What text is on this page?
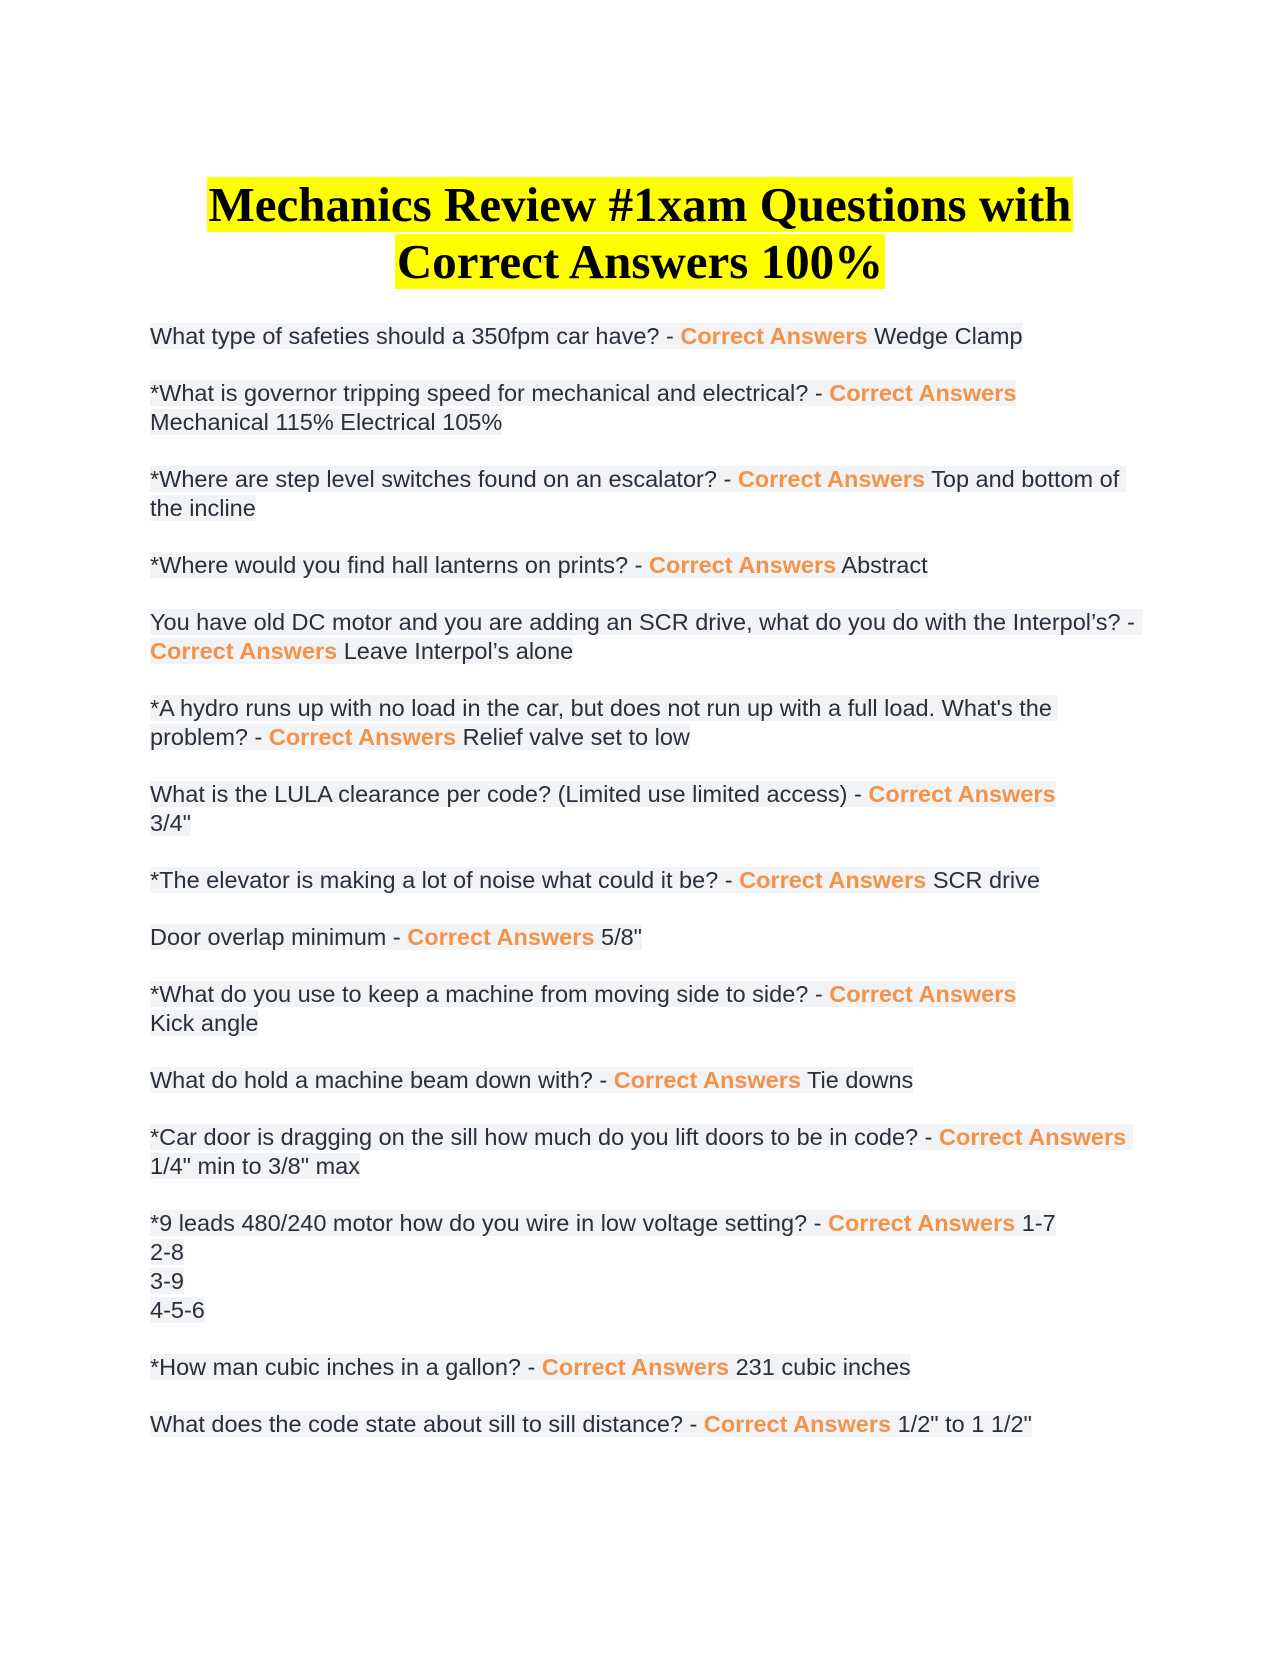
Mechanics Review #1xam Questions with
Correct Answers 100%

What type of safeties should a 350fpm car have? - Correct Answers Wedge Clamp

*What is governor tripping speed for mechanical and electrical? - Correct Answers
Mechanical 115% Electrical 105%

*Where are step level switches found on an escalator? - Correct Answers Top and bottom of the incline

*Where would you find hall lanterns on prints? - Correct Answers Abstract

You have old DC motor and you are adding an SCR drive, what do you do with the Interpol’s? - Correct Answers Leave Interpol’s alone

*A hydro runs up with no load in the car, but does not run up with a full load. What's the problem? - Correct Answers Relief valve set to low

What is the LULA clearance per code? (Limited use limited access) - Correct Answers
3/4"

*The elevator is making a lot of noise what could it be? - Correct Answers SCR drive

Door overlap minimum - Correct Answers 5/8"

*What do you use to keep a machine from moving side to side? - Correct Answers
Kick angle

What do hold a machine beam down with? - Correct Answers Tie downs

*Car door is dragging on the sill how much do you lift doors to be in code? - Correct Answers 1/4" min to 3/8" max

*9 leads 480/240 motor how do you wire in low voltage setting? - Correct Answers 1-7
2-8
3-9
4-5-6

*How man cubic inches in a gallon? - Correct Answers 231 cubic inches

What does the code state about sill to sill distance? - Correct Answers 1/2" to 1 1/2"
